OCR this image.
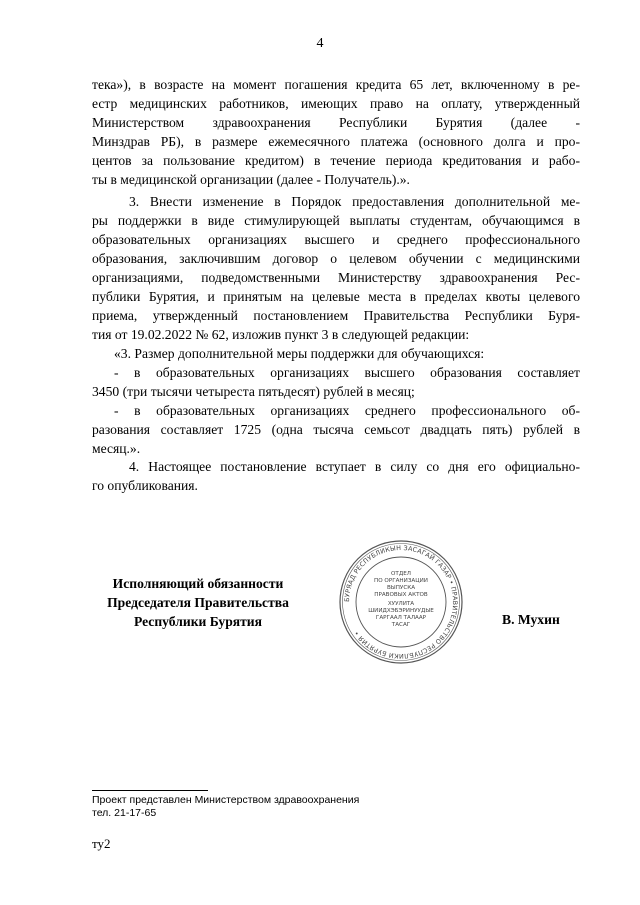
4
тека»), в возрасте на момент погашения кредита 65 лет, включенному в ре-
естр медицинских работников, имеющих право на оплату, утвержденный
Министерством здравоохранения Республики Бурятия (далее -
Минздрав РБ), в размере ежемесячного платежа (основного долга и про-
центов за пользование кредитом) в течение периода кредитования и рабо-
ты в медицинской организации (далее - Получатель).».
3. Внести изменение в Порядок предоставления дополнительной ме-
ры поддержки в виде стимулирующей выплаты студентам, обучающимся в
образовательных организациях высшего и среднего профессионального
образования, заключившим договор о целевом обучении с медицинскими
организациями, подведомственными Министерству здравоохранения Рес-
публики Бурятия, и принятым на целевые места в пределах квоты целевого
приема, утвержденный постановлением Правительства Республики Буря-
тия от 19.02.2022 № 62, изложив пункт 3 в следующей редакции:
«3. Размер дополнительной меры поддержки для обучающихся:
- в образовательных организациях высшего образования составляет
3450 (три тысячи четыреста пятьдесят) рублей в месяц;
- в образовательных организациях среднего профессионального об-
разования составляет 1725 (одна тысяча семьсот двадцать пять) рублей в
месяц.».
4. Настоящее постановление вступает в силу со дня его официально-
го опубликования.
Исполняющий обязанности
Председателя Правительства
Республики Бурятия
БУРЯАД РЕСПУБЛИКЫН ЗАСАГАЙ ГАЗАР • ПРАВИТЕЛЬСТВО РЕСПУБЛИКИ БУРЯТИЯ •
ОТДЕЛ
ПО ОРГАНИЗАЦИИ
ВЫПУСКА
ПРАВОВЫХ АКТОВ
ХУУЛИТА
ШИИДХЭБЭРИНУУДЫЕ
ГАРГААЛ ТАЛААР
ТАСАГ	В. Мухин
Проект представлен Министерством здравоохранения
тел. 21-17-65
ту2
